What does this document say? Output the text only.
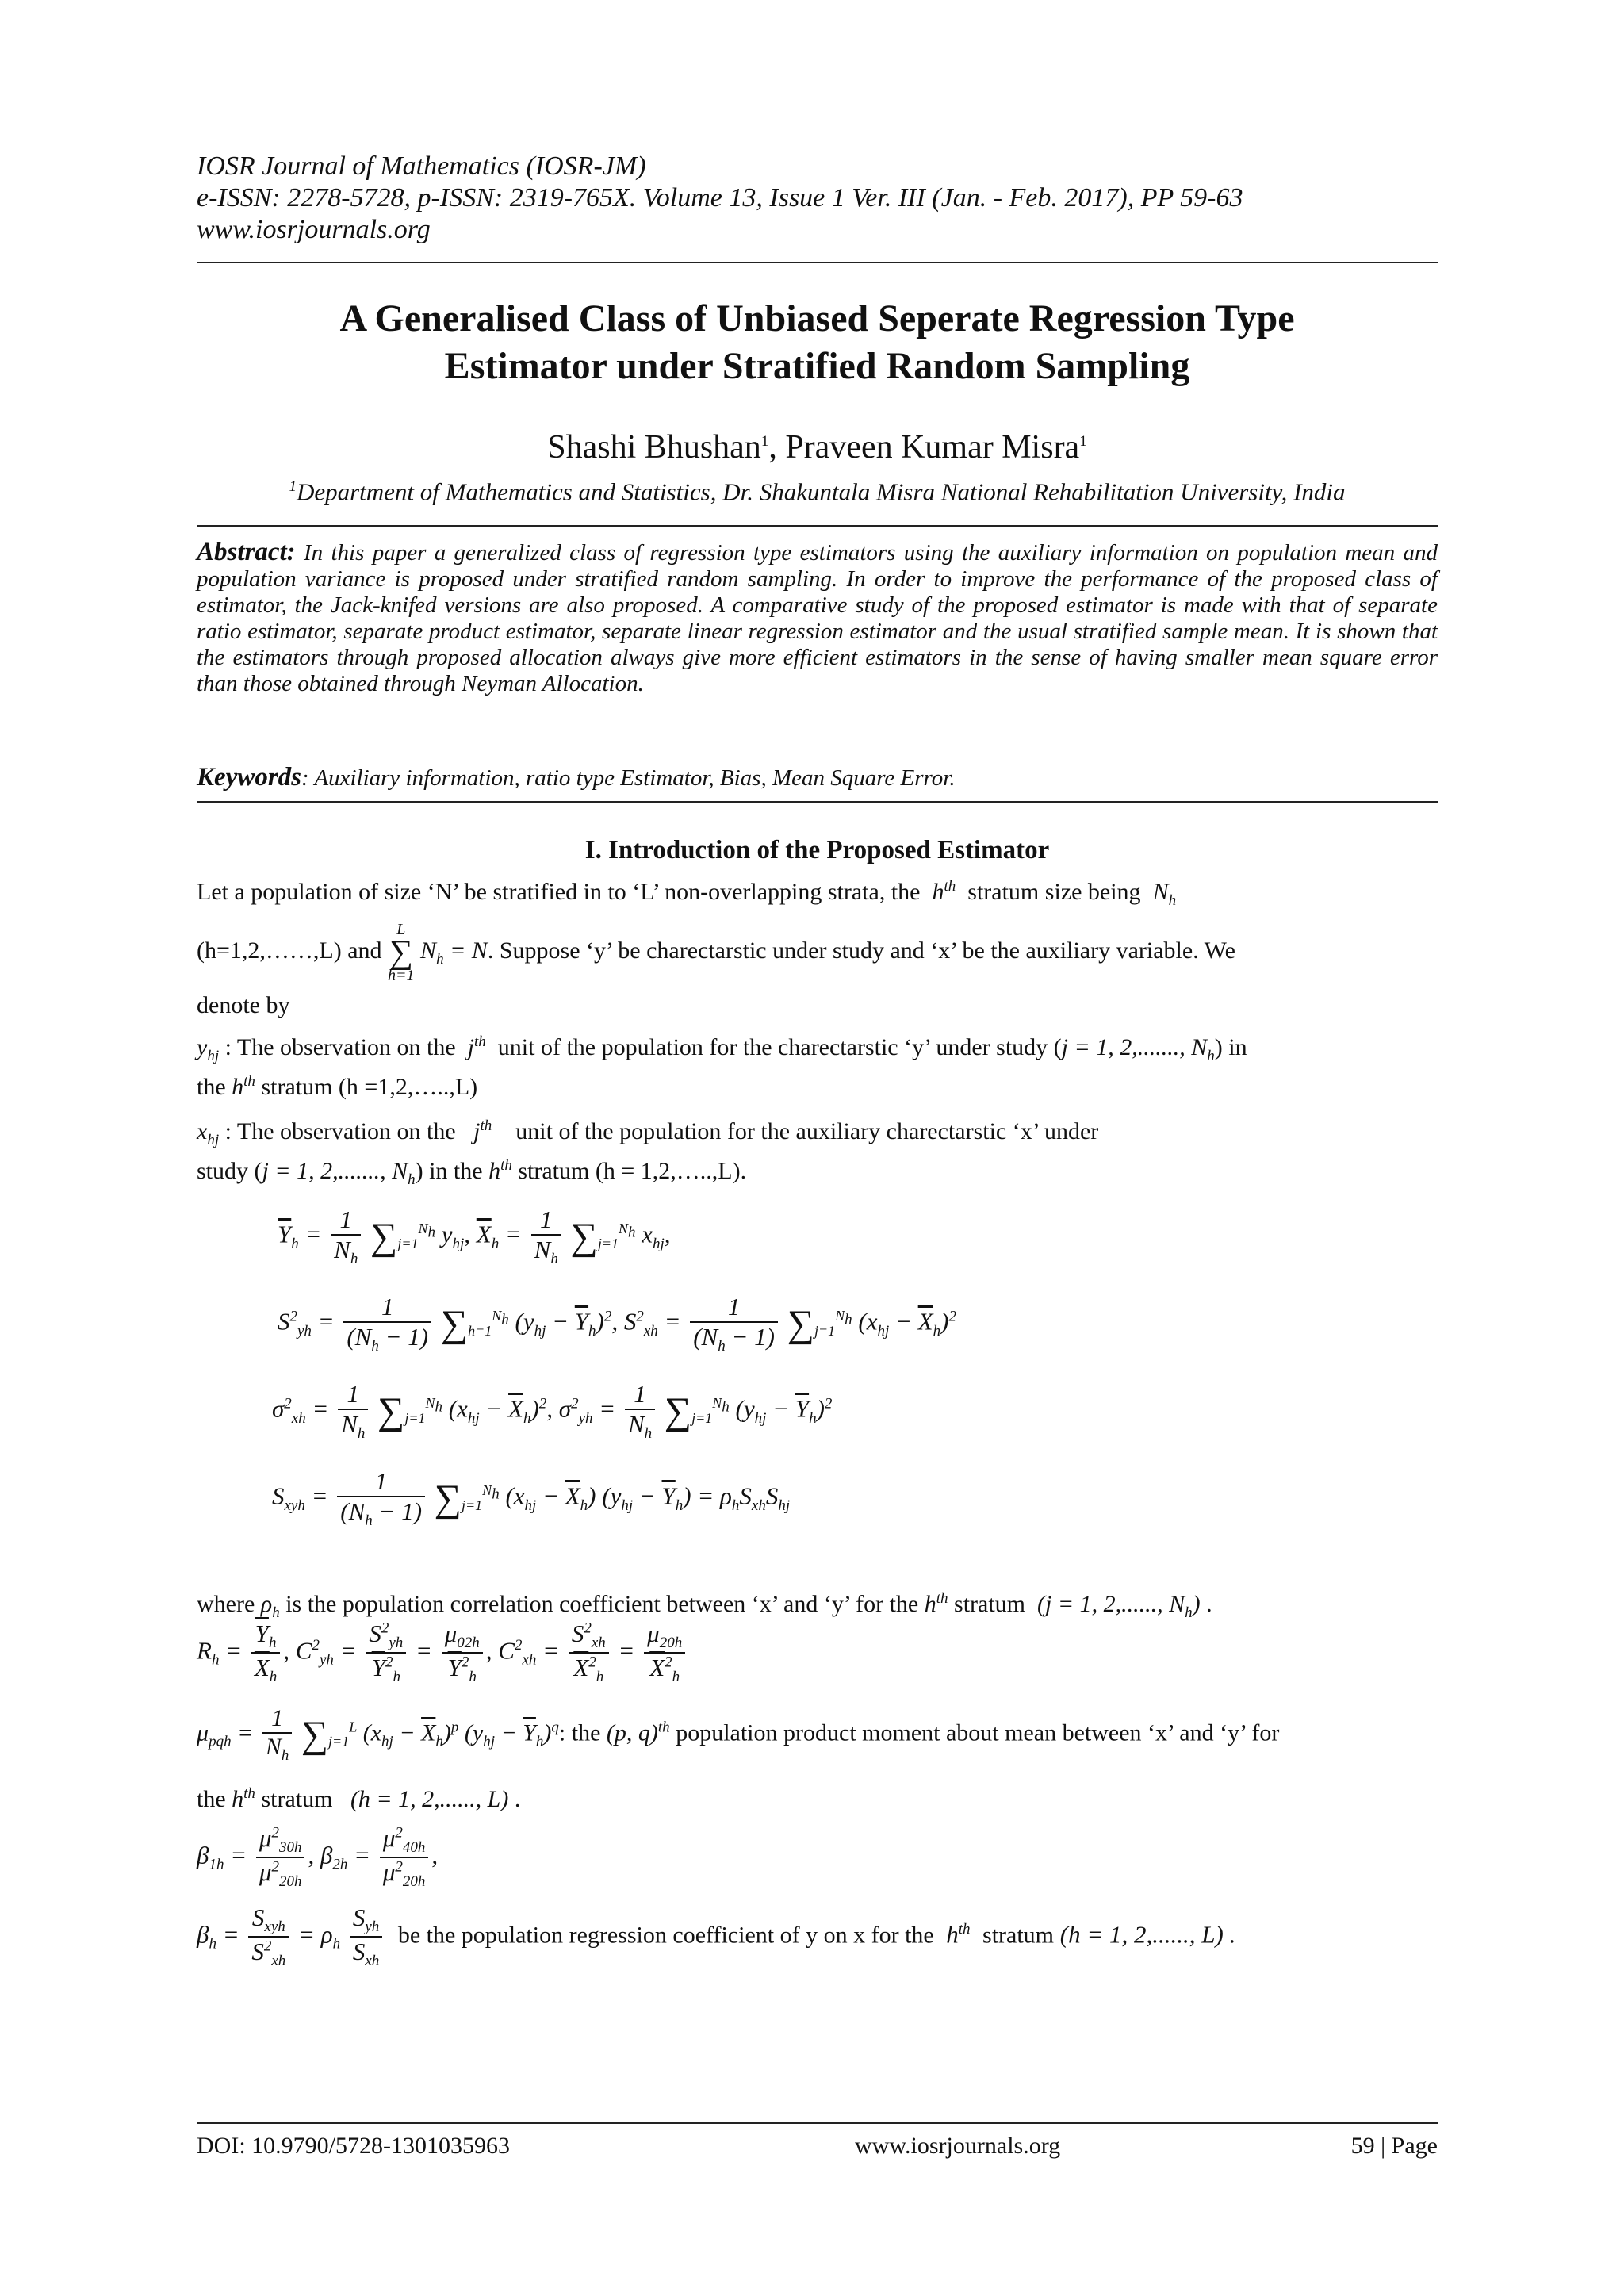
IOSR Journal of Mathematics (IOSR-JM)
e-ISSN: 2278-5728, p-ISSN: 2319-765X. Volume 13, Issue 1 Ver. III (Jan. - Feb. 2017), PP 59-63
www.iosrjournals.org
A Generalised Class of Unbiased Seperate Regression Type
Estimator under Stratified Random Sampling
Shashi Bhushan$^1$, Praveen Kumar Misra$^1$
$^1$Department of Mathematics and Statistics, Dr. Shakuntala Misra National Rehabilitation University, India
Abstract: In this paper a generalized class of regression type estimators using the auxiliary information on population mean and population variance is proposed under stratified random sampling. In order to improve the performance of the proposed class of estimator, the Jack-knifed versions are also proposed. A comparative study of the proposed estimator is made with that of separate ratio estimator, separate product estimator, separate linear regression estimator and the usual stratified sample mean. It is shown that the estimators through proposed allocation always give more efficient estimators in the sense of having smaller mean square error than those obtained through Neyman Allocation.
Keywords: Auxiliary information, ratio type Estimator, Bias, Mean Square Error.
I. Introduction of the Proposed Estimator
Let a population of size ‘N’ be stratified in to ‘L’ non-overlapping strata, the $h^{th}$ stratum size being $N_h$
(h=1,2,……,L) and L
∑
h=1 $N_h = N$. Suppose ‘y’ be charectarstic under study and ‘x’ be the auxiliary variable. We
denote by
$y_{hj}$ : The observation on the $j^{th}$ unit of the population for the charectarstic ‘y’ under study (j = 1, 2,......., $N_h$) in
the $h^{th}$ stratum (h =1,2,…..,L)
$x_{hj}$ : The observation on the $j^{th}$ unit of the population for the auxiliary charectarstic ‘x’ under
study (j = 1, 2,......., $N_h$) in the $h^{th}$ stratum (h = 1,2,…..,L).
$\overline{Y}_h = \frac{1}{N_h} \sum_{j=1}^{N_h}$ $y_{hj}$, $\overline{X}_h = \frac{1}{N_h} \sum_{j=1}^{N_h}$ $x_{hj}$,
$S^2_{yh} = \frac{1}{(N_h - 1)} \sum_{h=1}^{N_h}$ $(y_{hj} - \overline{Y}_h)^2$, $S^2_{xh} = \frac{1}{(N_h - 1)} \sum_{j=1}^{N_h}$ $(x_{hj} - \overline{X}_h)^2$
$\sigma^2_{xh} = \frac{1}{N_h} \sum_{j=1}^{N_h}$ $(x_{hj} - \overline{X}_h)^2$, $\sigma^2_{yh} = \frac{1}{N_h} \sum_{j=1}^{N_h}$ $(y_{hj} - \overline{Y}_h)^2$
$S_{xyh} = \frac{1}{(N_h - 1)} \sum_{j=1}^{N_h}$ $(x_{hj} - \overline{X}_h) (y_{hj} - \overline{Y}_h) = \rho_hS_{xh}S_{hj}$
where $\rho_h$ is the population correlation coefficient between ‘x’ and ‘y’ for the $h^{th}$ stratum (j = 1, 2,......, $N_h$) .
$R_h = \frac{\overline{Y}_h}{\overline{X}_h}$ , $C^2_{yh} = \frac{S^2_{yh}}{\overline{Y}^2_h} = \frac{\mu_{02h}}{\overline{Y}^2_h}$ , $C^2_{xh} = \frac{S^2_{xh}}{\overline{X}^2_h} = \frac{\mu_{20h}}{\overline{X}^2_h}$
$\mu_{pqh} = \frac{1}{N_h} \sum_{j=1}^L$ $(x_{hj} - \overline{X}_h)^p$ $(y_{hj} - \overline{Y}_h)^q$: the (p, q)$^{th}$ population product moment about mean between ‘x’ and ‘y’ for
the $h^{th}$ stratum (h = 1, 2,......, L) .
$\beta_{1h} = \frac{\mu^2_{30h}}{\mu^2_{20h}}$ , $\beta_{2h} = \frac{\mu^2_{40h}}{\mu^2_{20h}}$ ,
$\beta_h = \frac{S_{xyh}}{S^2_{xh}} = \rho_h \frac{S_{yh}}{S_{xh}}$ be the population regression coefficient of y on x for the  $h^{th}$ stratum (h = 1, 2,......, L) .
DOI: 10.9790/5728-1301035963	www.iosrjournals.org	59 | Page
